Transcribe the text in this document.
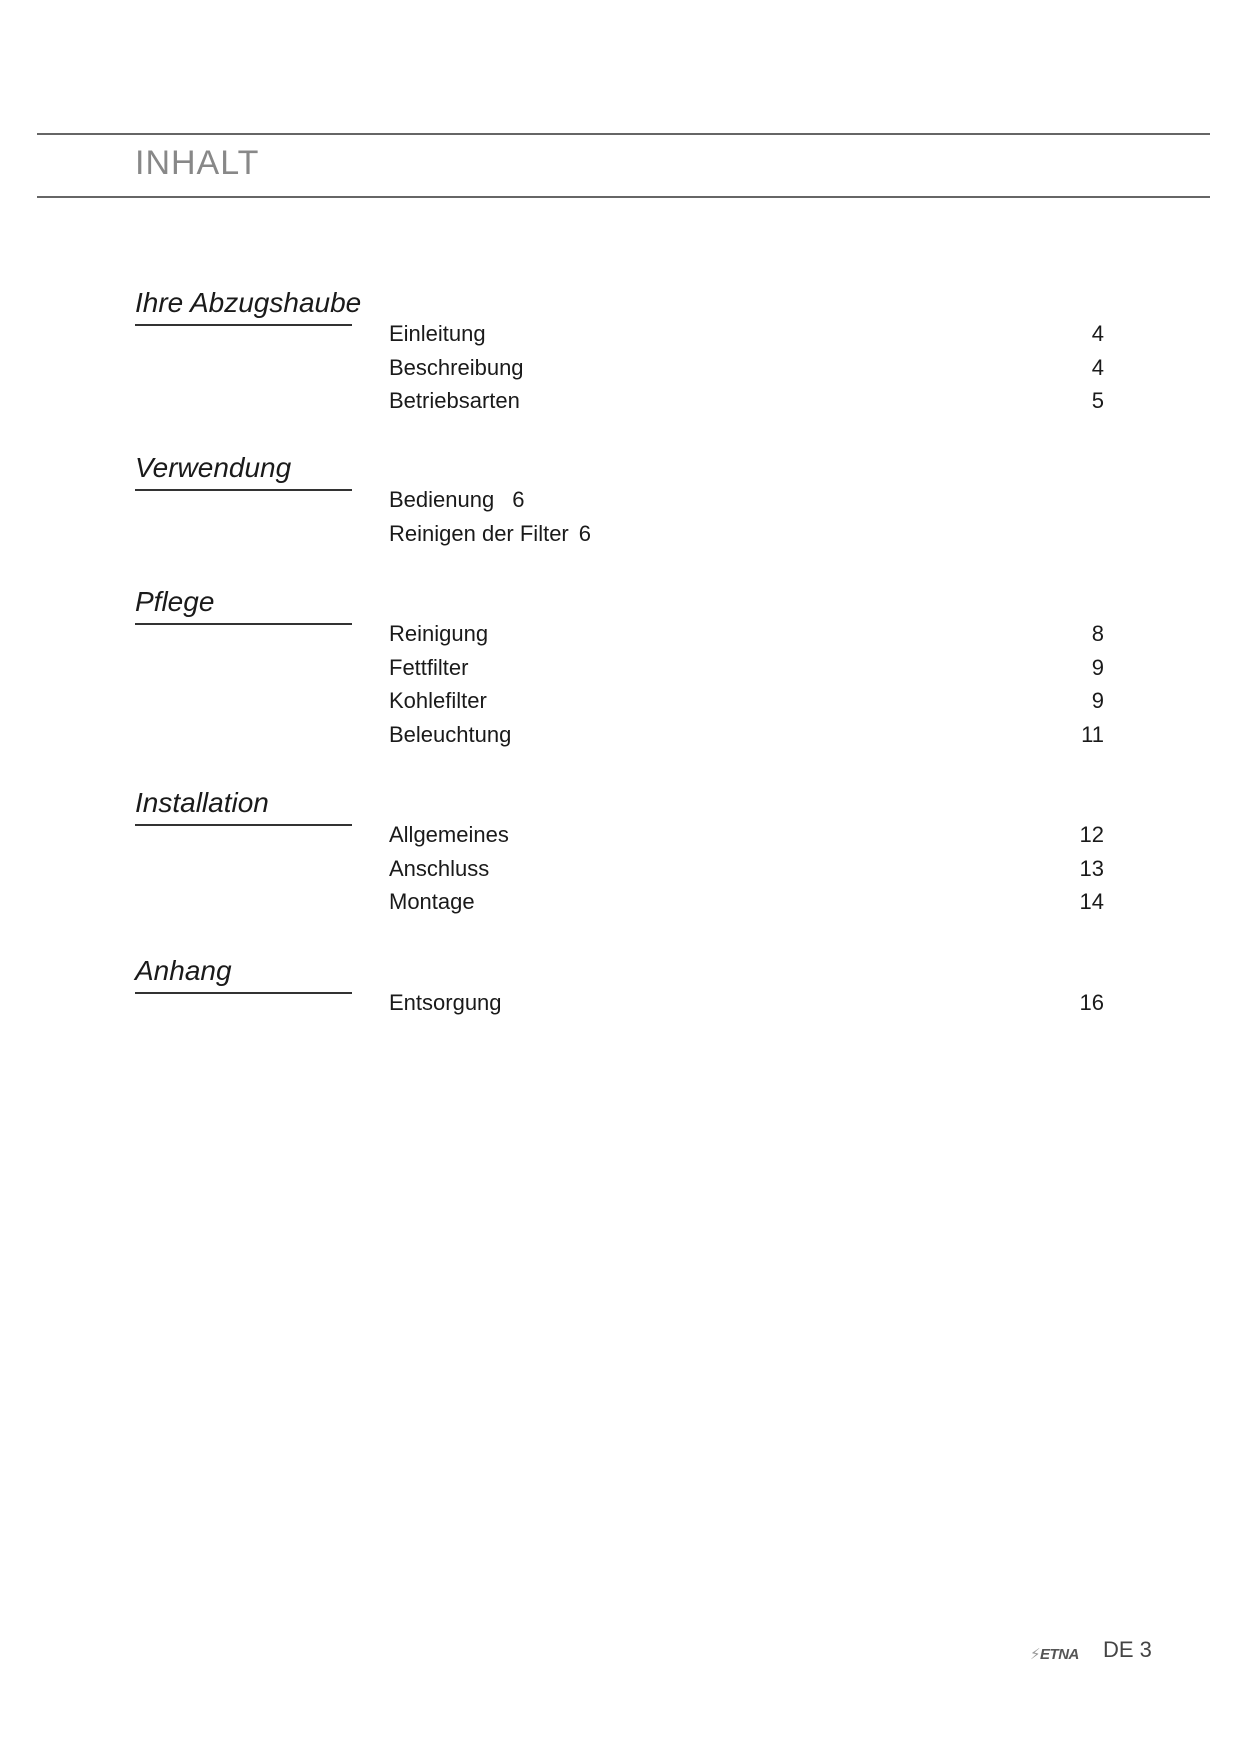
INHALT
Ihre Abzugshaube
Einleitung	4
Beschreibung	4
Betriebsarten	5
Verwendung
Bedienung 6
Reinigen der Filter 6
Pflege
Reinigung	8
Fettfilter	9
Kohlefilter	9
Beleuchtung	11
Installation
Allgemeines	12
Anschluss	13
Montage	14
Anhang
Entsorgung	16
⚡ETNA DE 3
